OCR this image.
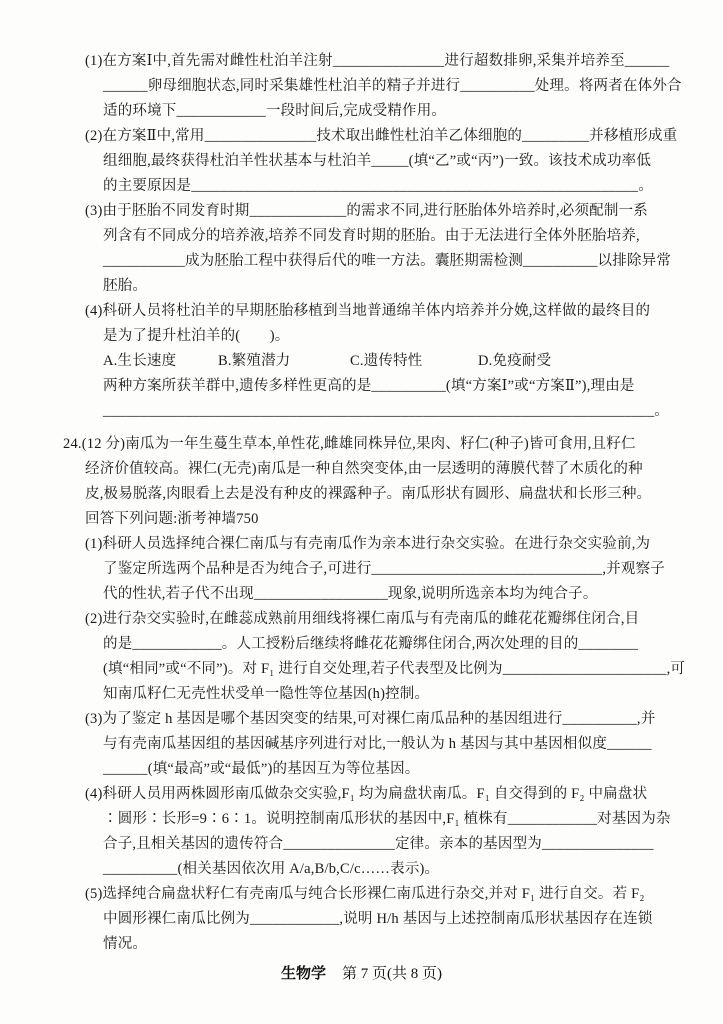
(1)在方案Ⅰ中,首先需对雌性杜泊羊注射_______________进行超数排卵,采集并培养至______
______卵母细胞状态,同时采集雄性杜泊羊的精子并进行__________处理。将两者在体外合
适的环境下____________一段时间后,完成受精作用。
(2)在方案Ⅱ中,常用_______________技术取出雌性杜泊羊乙体细胞的_________并移植形成重
组细胞,最终获得杜泊羊性状基本与杜泊羊_____(填“乙”或“丙”)一致。该技术成功率低
的主要原因是____________________________________________________________。
(3)由于胚胎不同发育时期_____________的需求不同,进行胚胎体外培养时,必须配制一系
列含有不同成分的培养液,培养不同发育时期的胚胎。由于无法进行全体外胚胎培养,
___________成为胚胎工程中获得后代的唯一方法。囊胚期需检测__________以排除异常
胚胎。
(4)科研人员将杜泊羊的早期胚胎移植到当地普通绵羊体内培养并分娩,这样做的最终目的
是为了提升杜泊羊的(　　)。
A.生长速度	B.繁殖潜力	C.遗传特性	D.免疫耐受
两种方案所获羊群中,遗传多样性更高的是__________(填“方案Ⅰ”或“方案Ⅱ”),理由是
__________________________________________________________________________。
24.(12 分)南瓜为一年生蔓生草本,单性花,雌雄同株异位,果肉、籽仁(种子)皆可食用,且籽仁
经济价值较高。裸仁(无壳)南瓜是一种自然突变体,由一层透明的薄膜代替了木质化的种
皮,极易脱落,肉眼看上去是没有种皮的裸露种子。南瓜形状有圆形、扁盘状和长形三种。
回答下列问题:浙考神墙750
(1)科研人员选择纯合裸仁南瓜与有壳南瓜作为亲本进行杂交实验。在进行杂交实验前,为
了鉴定所选两个品种是否为纯合子,可进行_______________________________,并观察子
代的性状,若子代不出现__________________现象,说明所选亲本均为纯合子。
(2)进行杂交实验时,在雌蕊成熟前用细线将裸仁南瓜与有壳南瓜的雌花花瓣绑住闭合,目
的是____________。人工授粉后继续将雌花花瓣绑住闭合,两次处理的目的________
(填“相同”或“不同”)。对 F₁ 进行自交处理,若子代表型及比例为______________________,可
知南瓜籽仁无壳性状受单一隐性等位基因(h)控制。
(3)为了鉴定 h 基因是哪个基因突变的结果,可对裸仁南瓜品种的基因组进行__________,并
与有壳南瓜基因组的基因碱基序列进行对比,一般认为 h 基因与其中基因相似度______
______(填“最高”或“最低”)的基因互为等位基因。
(4)科研人员用两株圆形南瓜做杂交实验,F₁ 均为扁盘状南瓜。F₁ 自交得到的 F₂ 中扁盘状
∶圆形∶长形=9∶6∶1。说明控制南瓜形状的基因中,F₁ 植株有____________对基因为杂
合子,且相关基因的遗传符合_______________定律。亲本的基因型为_______________
__________(相关基因依次用 A/a,B/b,C/c……表示)。
(5)选择纯合扁盘状籽仁有壳南瓜与纯合长形裸仁南瓜进行杂交,并对 F₁ 进行自交。若 F₂
中圆形裸仁南瓜比例为____________,说明 H/h 基因与上述控制南瓜形状基因存在连锁
情况。
生物学 第 7 页(共 8 页)
